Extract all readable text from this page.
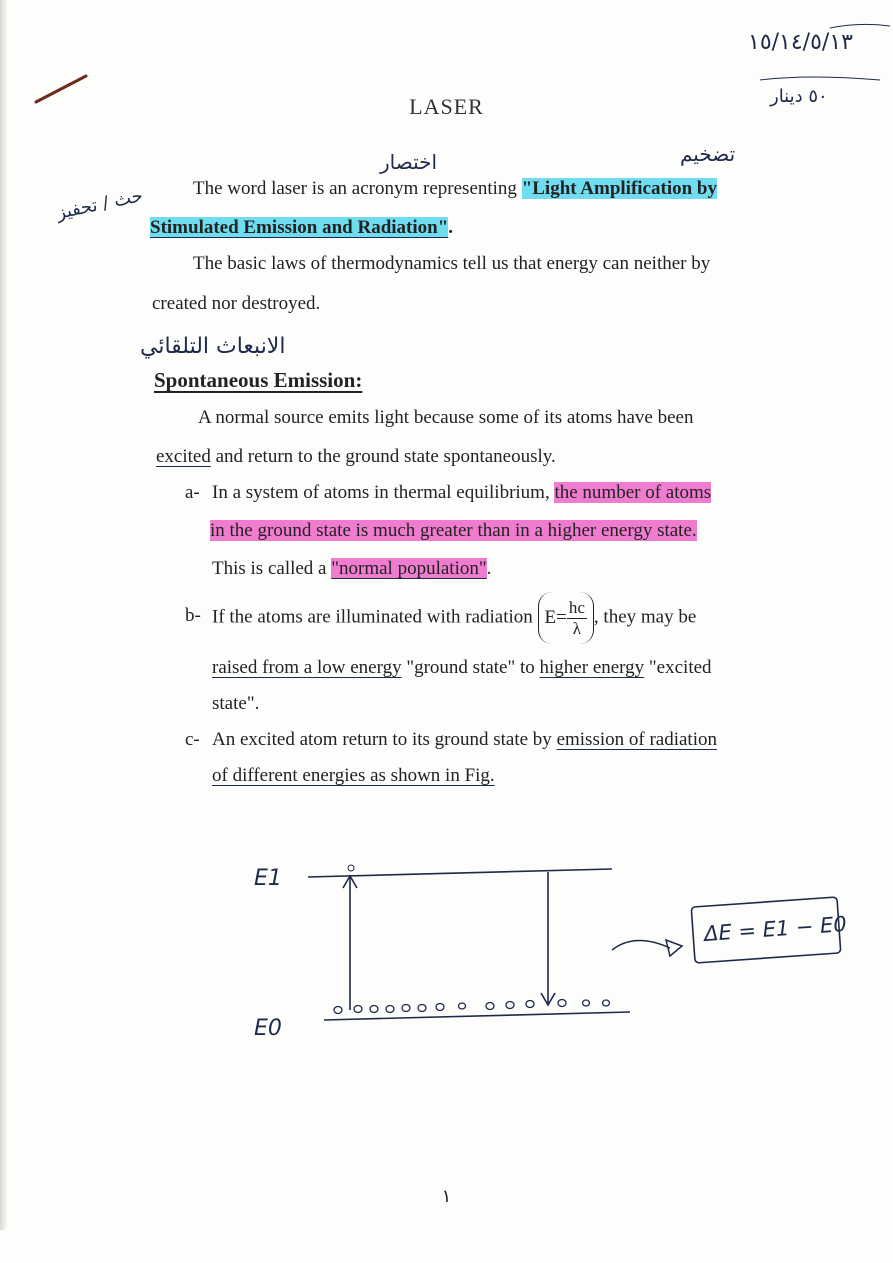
١٥/١٤/٥/١٣
٥٠ دينار
LASER
اختصار	تضخيم
حث / تحفيز	The word laser is an acronym representing "Light Amplification by
Stimulated Emission and Radiation".
The basic laws of thermodynamics tell us that energy can neither by
created nor destroyed.
الانبعاث التلقائي
Spontaneous Emission:
A normal source emits light because some of its atoms have been
excited and return to the ground state spontaneously.
a- In a system of atoms in thermal equilibrium, the number of atoms
in the ground state is much greater than in a higher energy state.
This is called a "normal population".
b- If the atoms are illuminated with radiation $E= \frac{hc}{\lambda}$ , they may be
raised from a low energy "ground state" to higher energy "excited
state".
c- An excited atom return to its ground state by emission of radiation
of different energies as shown in Fig.
E1
E0
ΔE = E1 − E0
١
